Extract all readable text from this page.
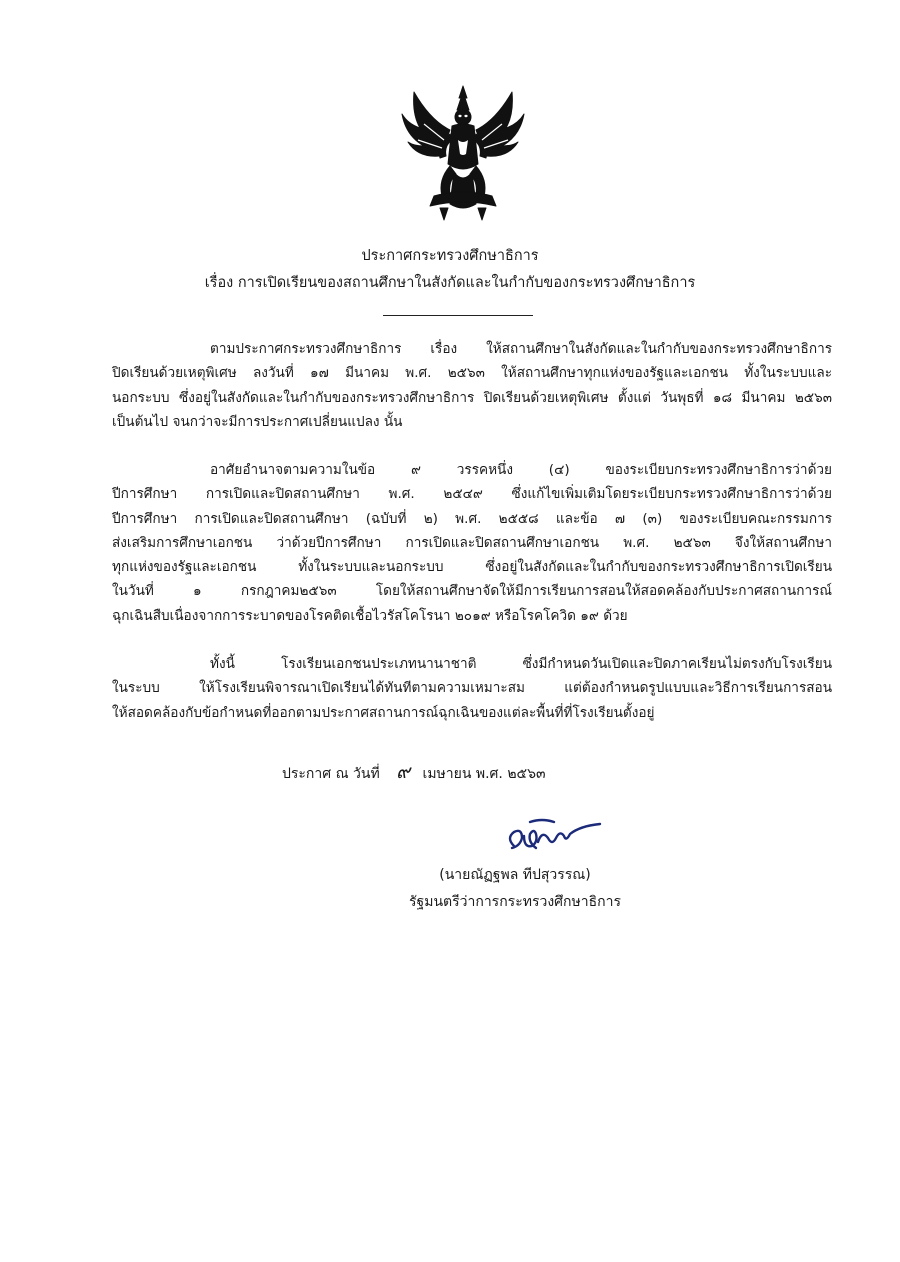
ประกาศกระทรวงศึกษาธิการ
เรื่อง การเปิดเรียนของสถานศึกษาในสังกัดและในกำกับของกระทรวงศึกษาธิการ
ตามประกาศกระทรวงศึกษาธิการ เรื่อง ให้สถานศึกษาในสังกัดและในกำกับของกระทรวงศึกษาธิการ
ปิดเรียนด้วยเหตุพิเศษ ลงวันที่ ๑๗ มีนาคม พ.ศ. ๒๕๖๓ ให้สถานศึกษาทุกแห่งของรัฐและเอกชน ทั้งในระบบและ
นอกระบบ ซึ่งอยู่ในสังกัดและในกำกับของกระทรวงศึกษาธิการ ปิดเรียนด้วยเหตุพิเศษ ตั้งแต่ วันพุธที่ ๑๘ มีนาคม ๒๕๖๓
เป็นต้นไป จนกว่าจะมีการประกาศเปลี่ยนแปลง นั้น
อาศัยอำนาจตามความในข้อ ๙ วรรคหนึ่ง (๔) ของระเบียบกระทรวงศึกษาธิการว่าด้วย
ปีการศึกษา การเปิดและปิดสถานศึกษา พ.ศ. ๒๕๔๙ ซึ่งแก้ไขเพิ่มเติมโดยระเบียบกระทรวงศึกษาธิการว่าด้วย
ปีการศึกษา การเปิดและปิดสถานศึกษา (ฉบับที่ ๒) พ.ศ. ๒๕๕๘ และข้อ ๗ (๓) ของระเบียบคณะกรรมการ
ส่งเสริมการศึกษาเอกชน ว่าด้วยปีการศึกษา การเปิดและปิดสถานศึกษาเอกชน พ.ศ. ๒๕๖๓ จึงให้สถานศึกษา
ทุกแห่งของรัฐและเอกชน ทั้งในระบบและนอกระบบ ซึ่งอยู่ในสังกัดและในกำกับของกระทรวงศึกษาธิการเปิดเรียน
ในวันที่ ๑ กรกฎาคม๒๕๖๓ โดยให้สถานศึกษาจัดให้มีการเรียนการสอนให้สอดคล้องกับประกาศสถานการณ์
ฉุกเฉินสืบเนื่องจากการระบาดของโรคติดเชื้อไวรัสโคโรนา ๒๐๑๙ หรือโรคโควิด ๑๙ ด้วย
ทั้งนี้ โรงเรียนเอกชนประเภทนานาชาติ ซึ่งมีกำหนดวันเปิดและปิดภาคเรียนไม่ตรงกับโรงเรียน
ในระบบ ให้โรงเรียนพิจารณาเปิดเรียนได้ทันทีตามความเหมาะสม แต่ต้องกำหนดรูปแบบและวิธีการเรียนการสอน
ให้สอดคล้องกับข้อกำหนดที่ออกตามประกาศสถานการณ์ฉุกเฉินของแต่ละพื้นที่ที่โรงเรียนตั้งอยู่
ประกาศ ณ วันที่ ๙ เมษายน พ.ศ. ๒๕๖๓
(นายณัฏฐพล ทีปสุวรรณ)
รัฐมนตรีว่าการกระทรวงศึกษาธิการ
